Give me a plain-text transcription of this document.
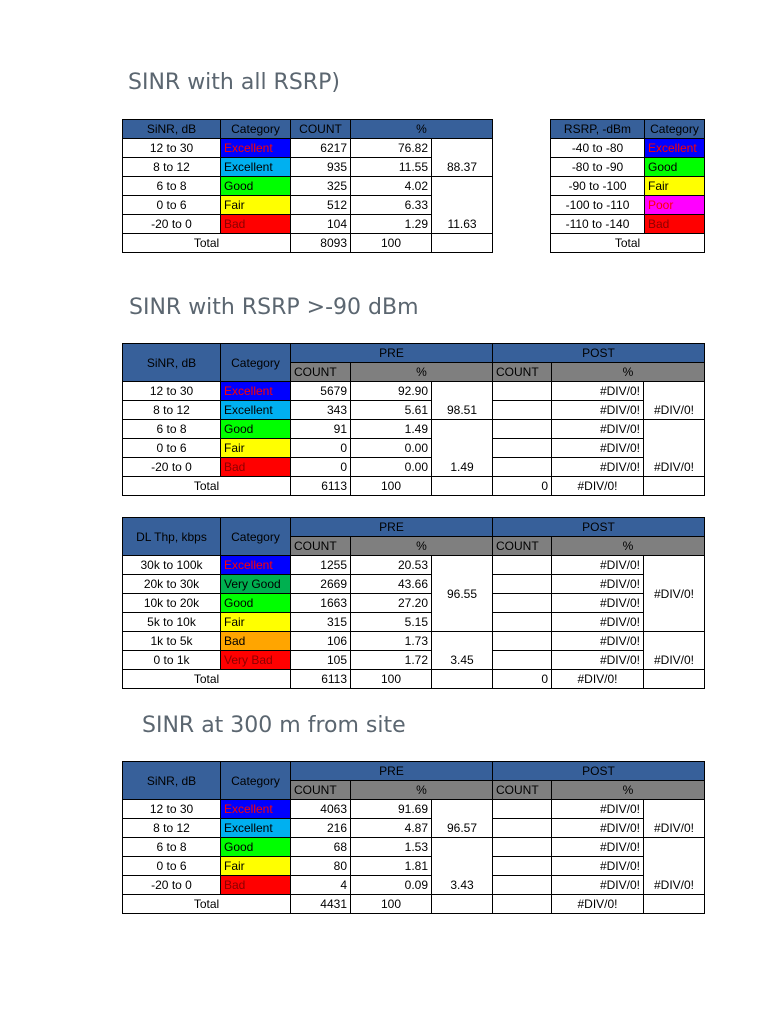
SINR with all RSRP)
SiNR, dB	Category	COUNT	%	
12 to 30	Excellent	6217	76.82	88.37
8 to 12	Excellent	935	11.55	
6 to 8	Good	325	4.02	11.63
0 to 6	Fair	512	6.33	
-20 to 0	Bad	104	1.29	
Total		8093	100	
RSRP, -dBm	Category
-40 to -80	Excellent
-80 to -90	Good
-90 to -100	Fair
-100 to -110	Poor
-110 to -140	Bad
Total	
SINR with RSRP >-90 dBm
SiNR, dB	Category	PRE			POST		
		COUNT	%		COUNT	%	
12 to 30	Excellent	5679	92.90	98.51		#DIV/0!	#DIV/0!
8 to 12	Excellent	343	5.61			#DIV/0!	
6 to 8	Good	91	1.49	1.49		#DIV/0!	#DIV/0!
0 to 6	Fair	0	0.00			#DIV/0!	
-20 to 0	Bad	0	0.00			#DIV/0!	
Total		6113	100		0	#DIV/0!	
DL Thp, kbps	Category	PRE			POST		
		COUNT	%		COUNT	%	
30k to 100k	Excellent	1255	20.53	96.55		#DIV/0!	#DIV/0!
20k to 30k	Very Good	2669	43.66			#DIV/0!	
10k to 20k	Good	1663	27.20			#DIV/0!	
5k to 10k	Fair	315	5.15			#DIV/0!	
1k to 5k	Bad	106	1.73	3.45		#DIV/0!	#DIV/0!
0 to 1k	Very Bad	105	1.72			#DIV/0!	
Total		6113	100		0	#DIV/0!	
SINR at 300 m from site
SiNR, dB	Category	PRE			POST		
		COUNT	%		COUNT	%	
12 to 30	Excellent	4063	91.69	96.57		#DIV/0!	#DIV/0!
8 to 12	Excellent	216	4.87			#DIV/0!	
6 to 8	Good	68	1.53	3.43		#DIV/0!	#DIV/0!
0 to 6	Fair	80	1.81			#DIV/0!	
-20 to 0	Bad	4	0.09			#DIV/0!	
Total		4431	100			#DIV/0!	
